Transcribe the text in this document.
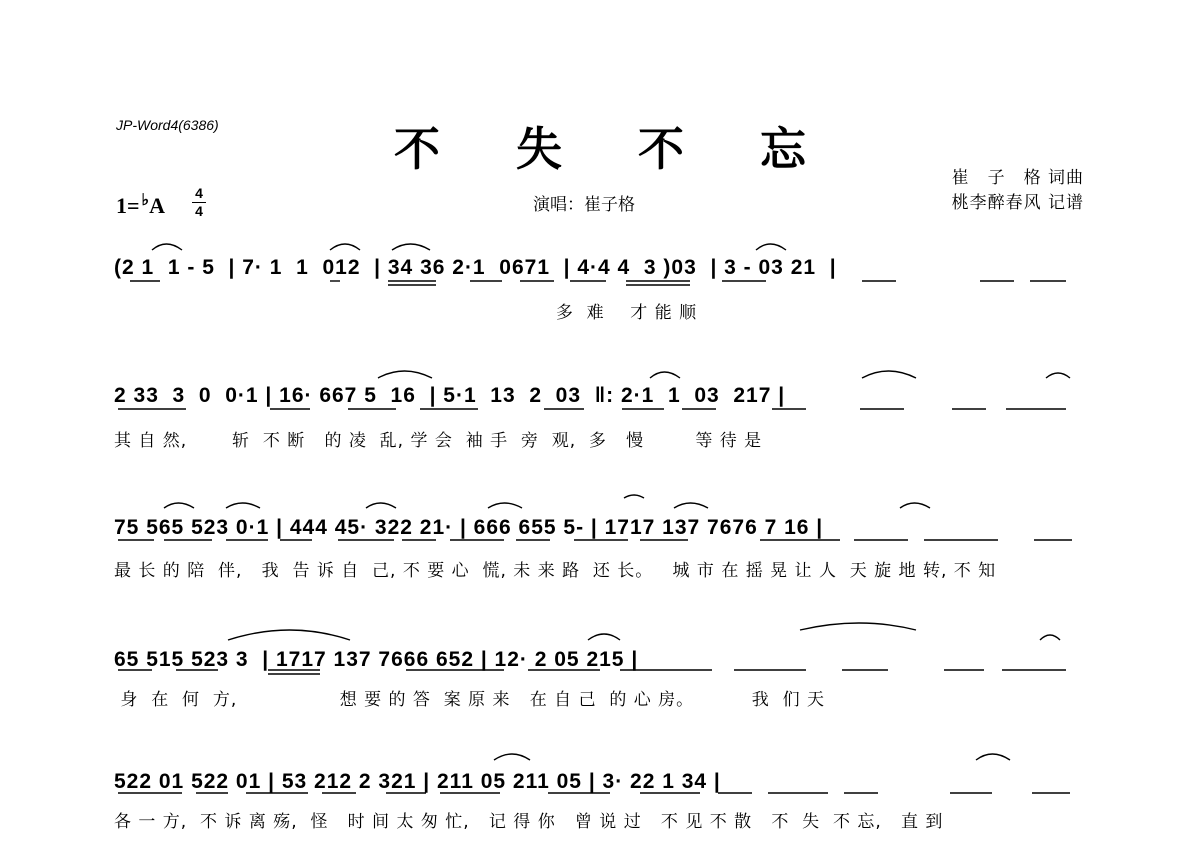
JP-Word4(6386)	不 失 不 忘
1= ♭A 4
4	演唱：崔子格
崔　子　格 词曲
桃李醉春风 记谱
(2 1  1 - 5  | 7· 1  1  012  | 34 36 2·1  0671  | 4·4 4  3 )03  | 3 - 03 21  |
多  难    才 能 顺
2 33  3  0  0·1 | 16· 667 5  16  | 5·1  13  2  03  ‖: 2·1  1  03  217 |
其 自 然,       斩  不 断   的 凌  乱, 学 会  袖 手  旁  观,  多   慢        等 待 是
75 565 523 0·1 | 444 45· 322 21· | 666 655 5- | 1717 137 7676 7 16 |
最 长 的 陪  伴,   我  告 诉 自  己, 不 要 心  慌, 未 来 路  还 长。   城 市 在 摇 晃 让 人  天 旋 地 转, 不 知
65 515 523 3  | 1717 137 7666 652 | 12· 2 05 215 |
身  在  何  方,                想 要 的 答  案 原 来   在 自 己  的 心 房。         我  们 天
522 01 522 01 | 53 212 2 321 | 211 05 211 05 | 3· 22 1 34 |
各 一 方,  不 诉 离 殇,  怪   时 间 太 匆 忙,   记 得 你   曾 说 过   不 见 不 散   不  失  不 忘,   直 到
